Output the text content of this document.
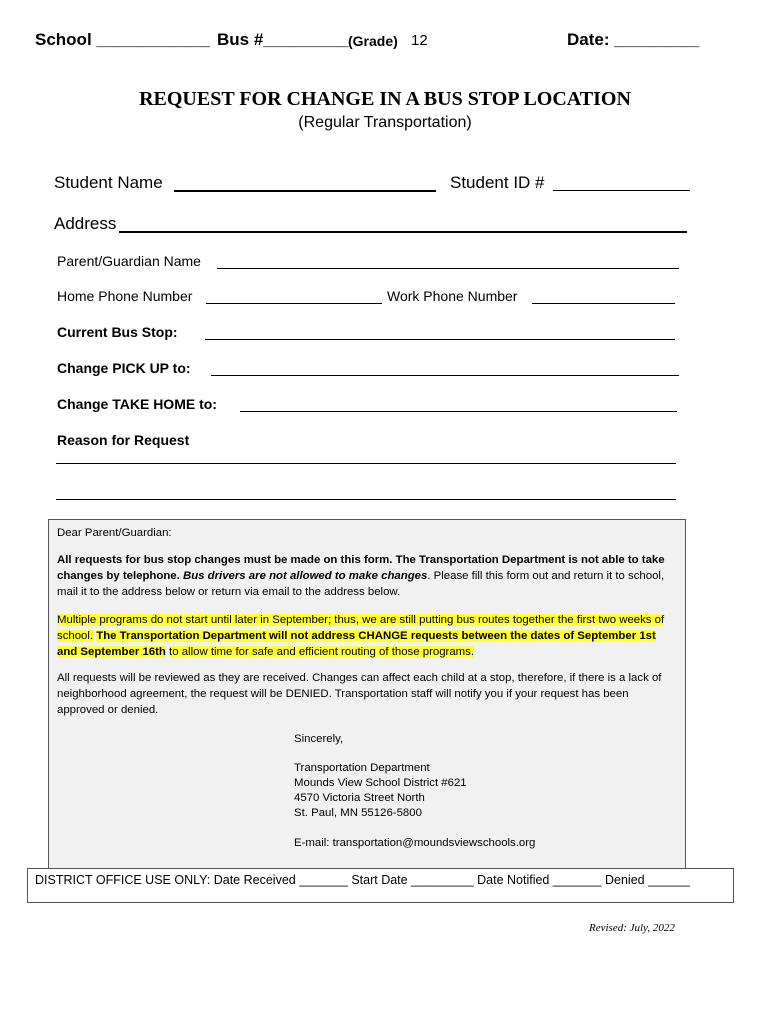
School ____________ Bus #_________ (Grade) 12	Date: _________
REQUEST FOR CHANGE IN A BUS STOP LOCATION
(Regular Transportation)
Student Name	Student ID #
Address
Parent/Guardian Name
Home Phone Number	Work Phone Number
Current Bus Stop:
Change PICK UP to:
Change TAKE HOME to:
Reason for Request
Dear Parent/Guardian:
All requests for bus stop changes must be made on this form. The Transportation Department is not able to take changes by telephone. Bus drivers are not allowed to make changes. Please fill this form out and return it to school, mail it to the address below or return via email to the address below.
Multiple programs do not start until later in September; thus, we are still putting bus routes together the first two weeks of school. The Transportation Department will not address CHANGE requests between the dates of September 1st and September 16th to allow time for safe and efficient routing of those programs.
All requests will be reviewed as they are received. Changes can affect each child at a stop, therefore, if there is a lack of neighborhood agreement, the request will be DENIED. Transportation staff will notify you if your request has been approved or denied.
Sincerely,
Transportation Department
Mounds View School District #621
4570 Victoria Street North
St. Paul, MN 55126-5800
E-mail: transportation@moundsviewschools.org
DISTRICT OFFICE USE ONLY: Date Received _______ Start Date _________ Date Notified _______ Denied ______
Revised: July, 2022
